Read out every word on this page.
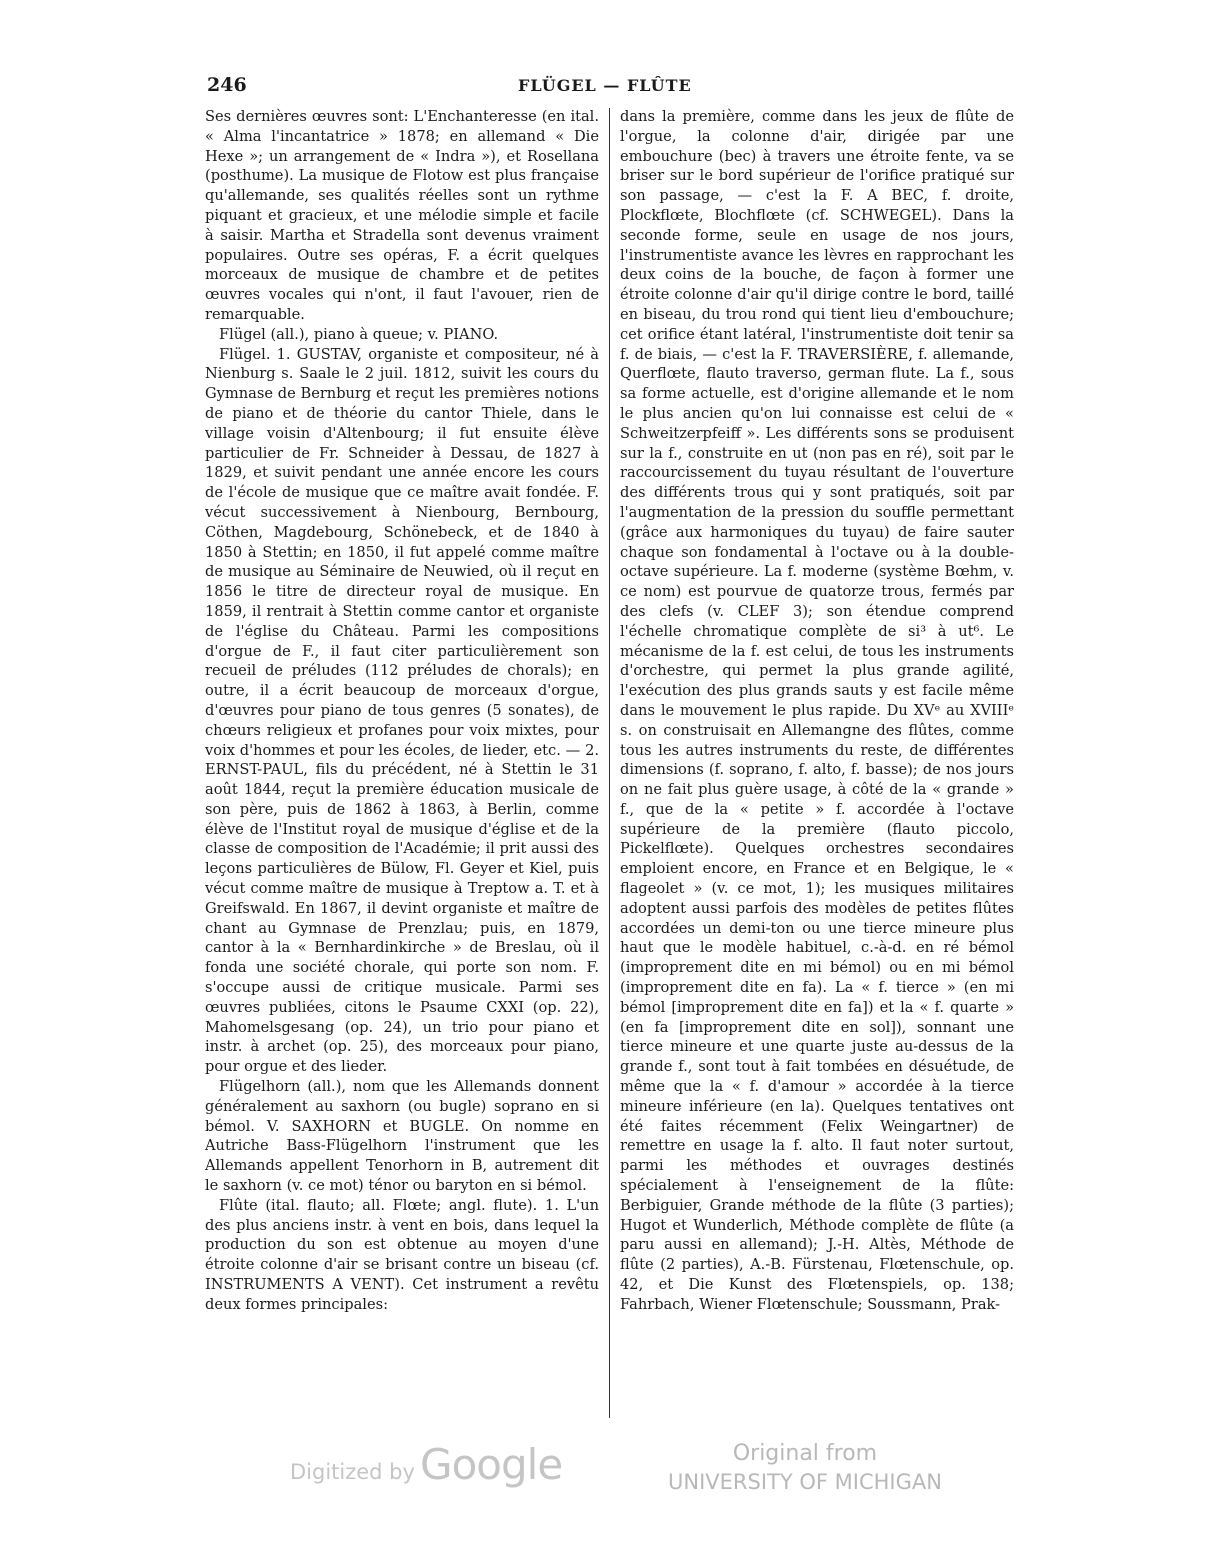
246	FLÜGEL — FLÛTE

Ses dernières œuvres sont: L'Enchanteresse (en ital. « Alma l'incantatrice » 1878; en allemand « Die Hexe »; un arrangement de « Indra »), et Rosellana (posthume). La musique de Flotow est plus française qu'allemande, ses qualités réelles sont un rythme piquant et gracieux, et une mélodie simple et facile à saisir. Martha et Stradella sont devenus vraiment populaires. Outre ses opéras, F. a écrit quelques morceaux de musique de chambre et de petites œuvres vocales qui n'ont, il faut l'avouer, rien de remarquable.

Flügel (all.), piano à queue; v. PIANO.

Flügel. 1. GUSTAV, organiste et compositeur, né à Nienburg s. Saale le 2 juil. 1812, suivit les cours du Gymnase de Bernburg et reçut les premières notions de piano et de théorie du cantor Thiele, dans le village voisin d'Altenbourg; il fut ensuite élève particulier de Fr. Schneider à Dessau, de 1827 à 1829, et suivit pendant une année encore les cours de l'école de musique que ce maître avait fondée. F. vécut successivement à Nienbourg, Bernbourg, Cöthen, Magdebourg, Schönebeck, et de 1840 à 1850 à Stettin; en 1850, il fut appelé comme maître de musique au Séminaire de Neuwied, où il reçut en 1856 le titre de directeur royal de musique. En 1859, il rentrait à Stettin comme cantor et organiste de l'église du Château. Parmi les compositions d'orgue de F., il faut citer particulièrement son recueil de préludes (112 préludes de chorals); en outre, il a écrit beaucoup de morceaux d'orgue, d'œuvres pour piano de tous genres (5 sonates), de chœurs religieux et profanes pour voix mixtes, pour voix d'hommes et pour les écoles, de lieder, etc. — 2. ERNST-PAUL, fils du précédent, né à Stettin le 31 août 1844, reçut la première éducation musicale de son père, puis de 1862 à 1863, à Berlin, comme élève de l'Institut royal de musique d'église et de la classe de composition de l'Académie; il prit aussi des leçons particulières de Bülow, Fl. Geyer et Kiel, puis vécut comme maître de musique à Treptow a. T. et à Greifswald. En 1867, il devint organiste et maître de chant au Gymnase de Prenzlau; puis, en 1879, cantor à la « Bernhardinkirche » de Breslau, où il fonda une société chorale, qui porte son nom. F. s'occupe aussi de critique musicale. Parmi ses œuvres publiées, citons le Psaume CXXI (op. 22), Mahomelsgesang (op. 24), un trio pour piano et instr. à archet (op. 25), des morceaux pour piano, pour orgue et des lieder.

Flügelhorn (all.), nom que les Allemands donnent généralement au saxhorn (ou bugle) soprano en si bémol. V. SAXHORN et BUGLE. On nomme en Autriche Bass-Flügelhorn l'instrument que les Allemands appellent Tenorhorn in B, autrement dit le saxhorn (v. ce mot) ténor ou baryton en si bémol.

Flûte (ital. flauto; all. Flœte; angl. flute). 1. L'un des plus anciens instr. à vent en bois, dans lequel la production du son est obtenue au moyen d'une étroite colonne d'air se brisant contre un biseau (cf. INSTRUMENTS A VENT). Cet instrument a revêtu deux formes principales:

dans la première, comme dans les jeux de flûte de l'orgue, la colonne d'air, dirigée par une embouchure (bec) à travers une étroite fente, va se briser sur le bord supérieur de l'orifice pratiqué sur son passage, — c'est la F. A BEC, f. droite, Plockflœte, Blochflœte (cf. SCHWEGEL). Dans la seconde forme, seule en usage de nos jours, l'instrumentiste avance les lèvres en rapprochant les deux coins de la bouche, de façon à former une étroite colonne d'air qu'il dirige contre le bord, taillé en biseau, du trou rond qui tient lieu d'embouchure; cet orifice étant latéral, l'instrumentiste doit tenir sa f. de biais, — c'est la F. TRAVERSIÈRE, f. allemande, Querflœte, flauto traverso, german flute. La f., sous sa forme actuelle, est d'origine allemande et le nom le plus ancien qu'on lui connaisse est celui de « Schweitzerpfeiff ». Les différents sons se produisent sur la f., construite en ut (non pas en ré), soit par le raccourcissement du tuyau résultant de l'ouverture des différents trous qui y sont pratiqués, soit par l'augmentation de la pression du souffle permettant (grâce aux harmoniques du tuyau) de faire sauter chaque son fondamental à l'octave ou à la double-octave supérieure. La f. moderne (système Bœhm, v. ce nom) est pourvue de quatorze trous, fermés par des clefs (v. CLEF 3); son étendue comprend l'échelle chromatique complète de si³ à ut⁶. Le mécanisme de la f. est celui, de tous les instruments d'orchestre, qui permet la plus grande agilité, l'exécution des plus grands sauts y est facile même dans le mouvement le plus rapide. Du XVᵉ au XVIIIᵉ s. on construisait en Allemangne des flûtes, comme tous les autres instruments du reste, de différentes dimensions (f. soprano, f. alto, f. basse); de nos jours on ne fait plus guère usage, à côté de la « grande » f., que de la « petite » f. accordée à l'octave supérieure de la première (flauto piccolo, Pickelflœte). Quelques orchestres secondaires emploient encore, en France et en Belgique, le « flageolet » (v. ce mot, 1); les musiques militaires adoptent aussi parfois des modèles de petites flûtes accordées un demi-ton ou une tierce mineure plus haut que le modèle habituel, c.-à-d. en ré bémol (improprement dite en mi bémol) ou en mi bémol (improprement dite en fa). La « f. tierce » (en mi bémol [improprement dite en fa]) et la « f. quarte » (en fa [improprement dite en sol]), sonnant une tierce mineure et une quarte juste au-dessus de la grande f., sont tout à fait tombées en désuétude, de même que la « f. d'amour » accordée à la tierce mineure inférieure (en la). Quelques tentatives ont été faites récemment (Felix Weingartner) de remettre en usage la f. alto. Il faut noter surtout, parmi les méthodes et ouvrages destinés spécialement à l'enseignement de la flûte: Berbiguier, Grande méthode de la flûte (3 parties); Hugot et Wunderlich, Méthode complète de flûte (a paru aussi en allemand); J.-H. Altès, Méthode de flûte (2 parties), A.-B. Fürstenau, Flœtenschule, op. 42, et Die Kunst des Flœtenspiels, op. 138; Fahrbach, Wiener Flœtenschule; Soussmann, Prak-

Digitized by Google	Original from
UNIVERSITY OF MICHIGAN
